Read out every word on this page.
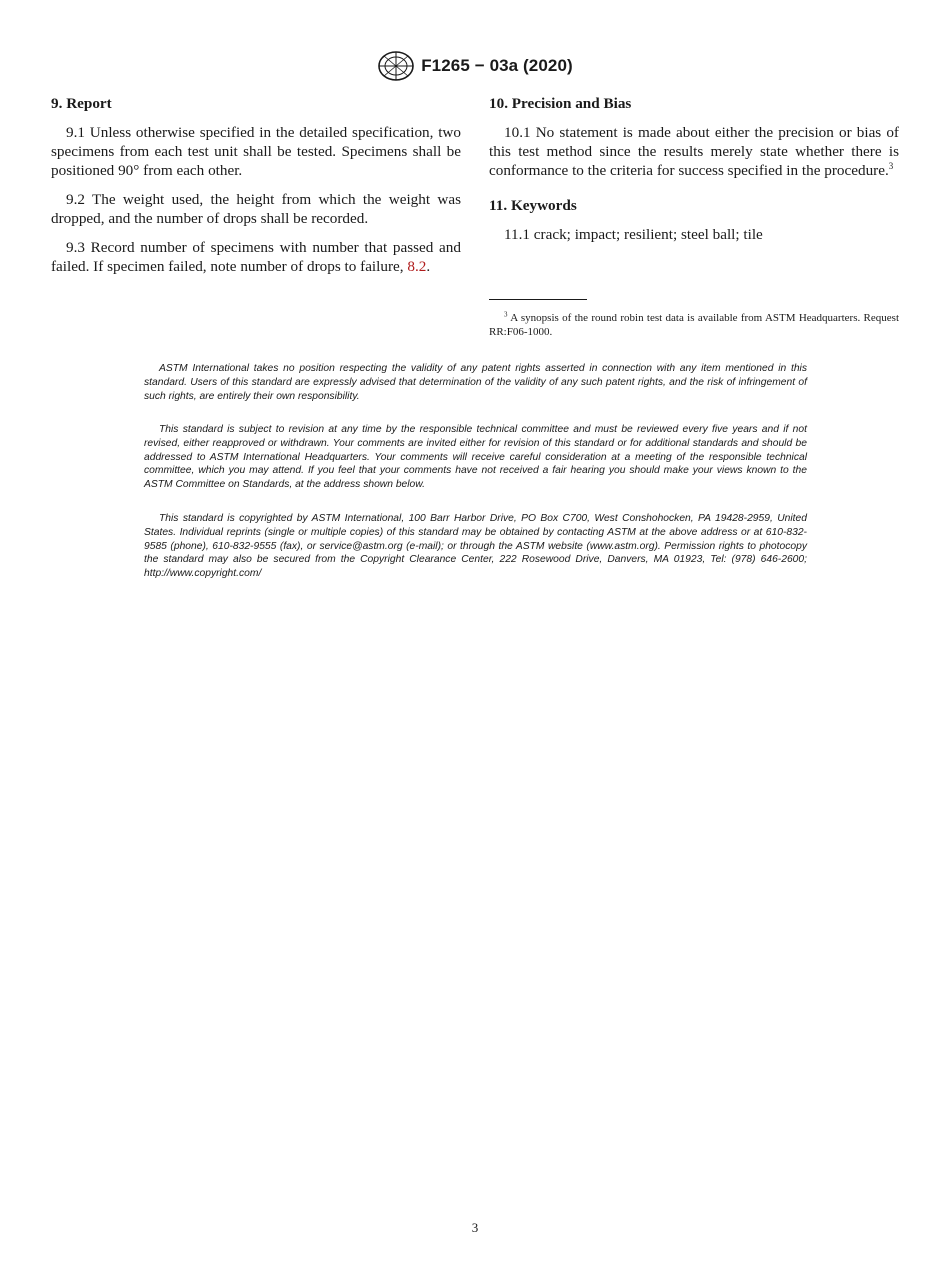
F1265 − 03a (2020)
9. Report

9.1 Unless otherwise specified in the detailed specification, two specimens from each test unit shall be tested. Specimens shall be positioned 90° from each other.

9.2 The weight used, the height from which the weight was dropped, and the number of drops shall be recorded.

9.3 Record number of specimens with number that passed and failed. If specimen failed, note number of drops to failure, 8.2.

10. Precision and Bias

10.1 No statement is made about either the precision or bias of this test method since the results merely state whether there is conformance to the criteria for success specified in the procedure.$^3$

11. Keywords

11.1 crack; impact; resilient; steel ball; tile

$^3$ A synopsis of the round robin test data is available from ASTM Headquarters. Request RR:F06-1000.
ASTM International takes no position respecting the validity of any patent rights asserted in connection with any item mentioned in this standard. Users of this standard are expressly advised that determination of the validity of any such patent rights, and the risk of infringement of such rights, are entirely their own responsibility.
This standard is subject to revision at any time by the responsible technical committee and must be reviewed every five years and if not revised, either reapproved or withdrawn. Your comments are invited either for revision of this standard or for additional standards and should be addressed to ASTM International Headquarters. Your comments will receive careful consideration at a meeting of the responsible technical committee, which you may attend. If you feel that your comments have not received a fair hearing you should make your views known to the ASTM Committee on Standards, at the address shown below.
This standard is copyrighted by ASTM International, 100 Barr Harbor Drive, PO Box C700, West Conshohocken, PA 19428-2959, United States. Individual reprints (single or multiple copies) of this standard may be obtained by contacting ASTM at the above address or at 610-832-9585 (phone), 610-832-9555 (fax), or service@astm.org (e-mail); or through the ASTM website (www.astm.org). Permission rights to photocopy the standard may also be secured from the Copyright Clearance Center, 222 Rosewood Drive, Danvers, MA 01923, Tel: (978) 646-2600; http://www.copyright.com/
3
